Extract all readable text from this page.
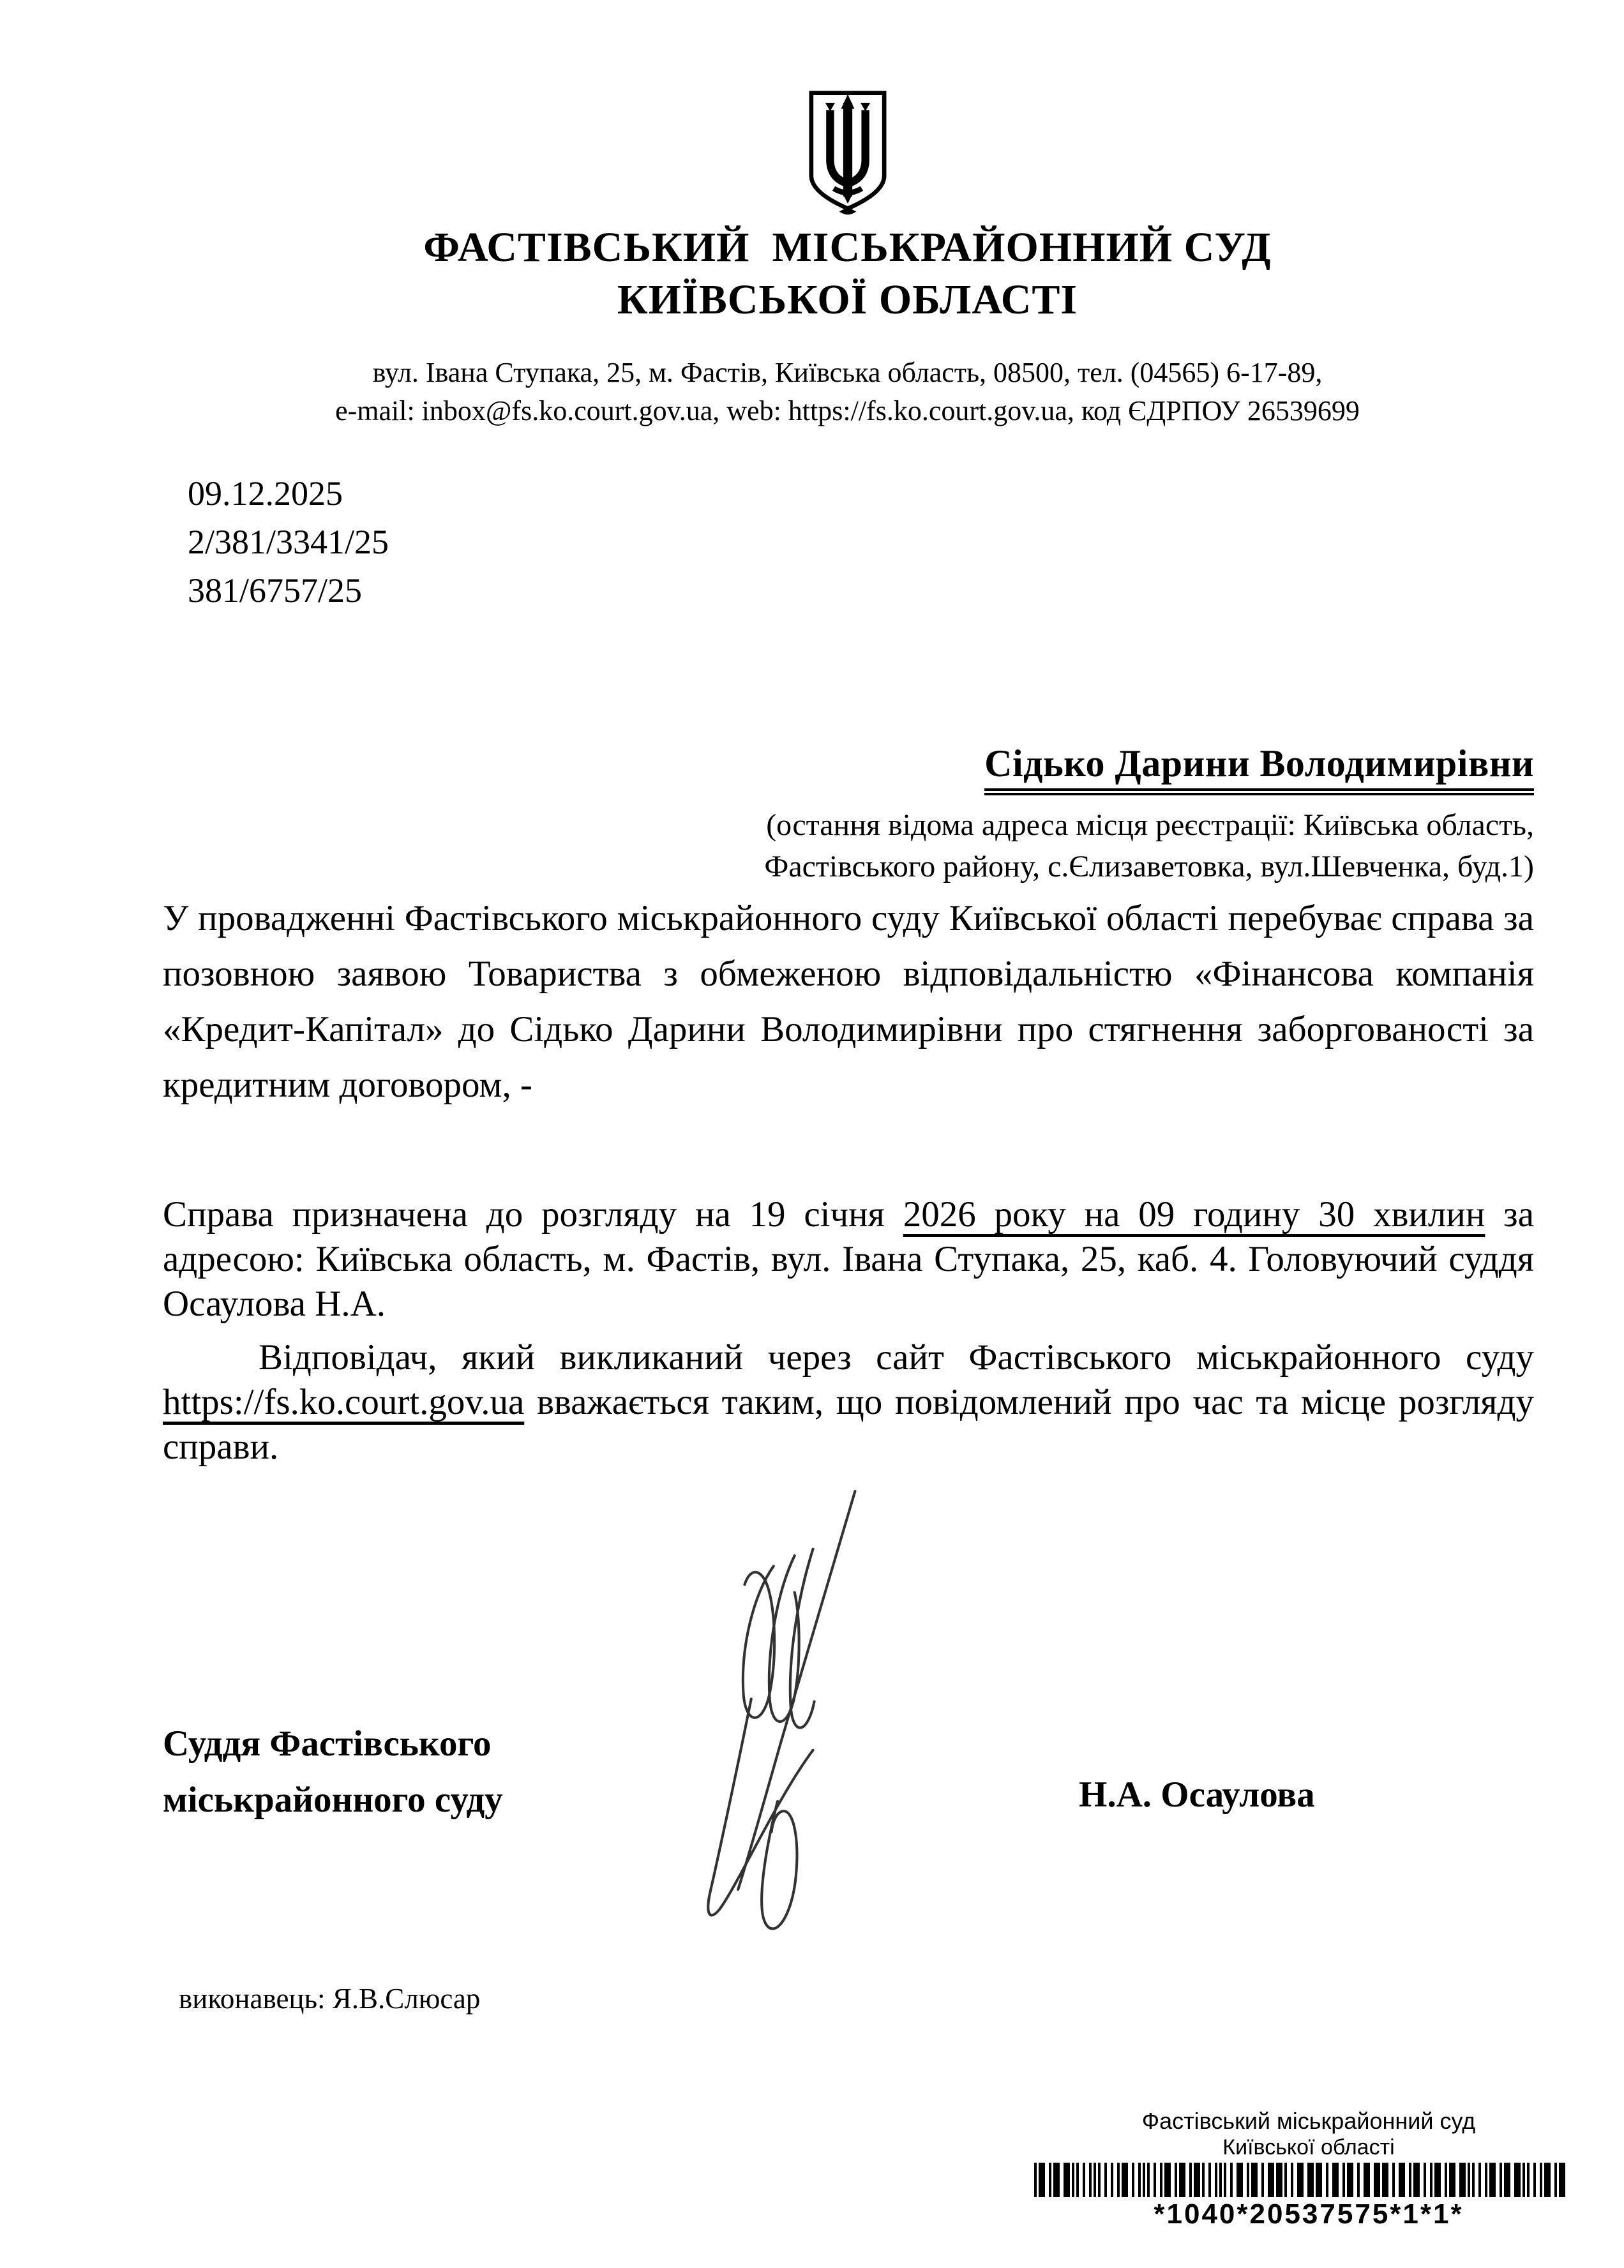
ФАСТІВСЬКИЙ  МІСЬКРАЙОННИЙ СУД
КИЇВСЬКОЇ ОБЛАСТІ
вул. Івана Ступака, 25, м. Фастів, Київська область, 08500, тел. (04565) 6-17-89,
e-mail: inbox@fs.ko.court.gov.ua, web: https://fs.ko.court.gov.ua, код ЄДРПОУ 26539699
09.12.2025
2/381/3341/25
381/6757/25
Сідько Дарини Володимирівни
(остання відома адреса місця реєстрації: Київська область,
Фастівського району, с.Єлизаветовка, вул.Шевченка, буд.1)

У провадженні Фастівського міськрайонного суду Київської області перебуває справа за позовною заявою Товариства з обмеженою відповідальністю «Фінансова компанія «Кредит-Капітал» до Сідько Дарини Володимирівни про стягнення заборгованості за кредитним договором, -

Справа призначена до розгляду на 19 січня 2026 року на 09 годину 30 хвилин за адресою: Київська область, м. Фастів, вул. Івана Ступака, 25, каб. 4. Головуючий суддя Осаулова Н.А.

Відповідач, який викликаний через сайт Фастівського міськрайонного суду https://fs.ko.court.gov.ua вважається таким, що повідомлений про час та місце розгляду справи.

Суддя Фастівського
міськрайонного суду	Н.А. Осаулова
виконавець: Я.В.Слюсар
Фастівський міськрайонний суд
Київської області
*1040*20537575*1*1*
